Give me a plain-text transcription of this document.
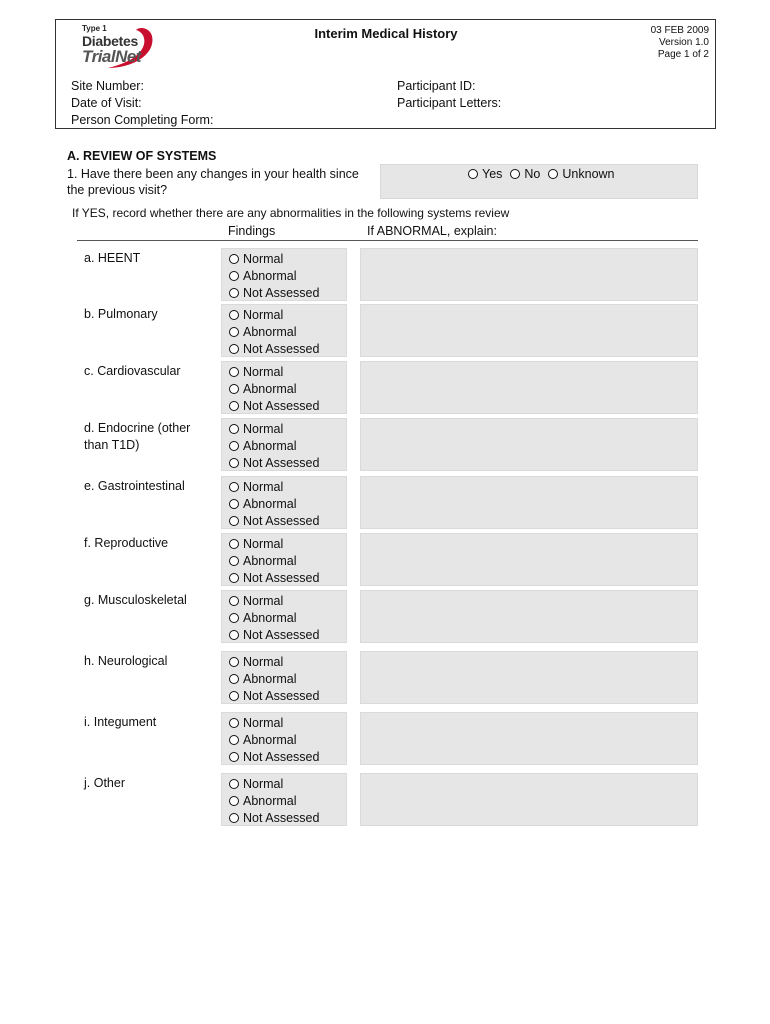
Type 1
Diabetes
TrialNet
Interim Medical History	03 FEB 2009
Version 1.0
Page 1 of 2
Site Number:
Date of Visit:
Person Completing Form:
Participant ID:
Participant Letters:
A. REVIEW OF SYSTEMS
1. Have there been any changes in your health since the previous visit?
Yes No Unknown
If YES, record whether there are any abnormalities in the following systems review
Findings	If ABNORMAL, explain:
a. HEENT	Normal
Abnormal
Not Assessed
b. Pulmonary	Normal
Abnormal
Not Assessed
c. Cardiovascular	Normal
Abnormal
Not Assessed
d. Endocrine (other than T1D)
Normal
Abnormal
Not Assessed
e. Gastrointestinal	Normal
Abnormal
Not Assessed
f. Reproductive	Normal
Abnormal
Not Assessed
g. Musculoskeletal	Normal
Abnormal
Not Assessed
h. Neurological	Normal
Abnormal
Not Assessed
i. Integument	Normal
Abnormal
Not Assessed
j. Other	Normal
Abnormal
Not Assessed
